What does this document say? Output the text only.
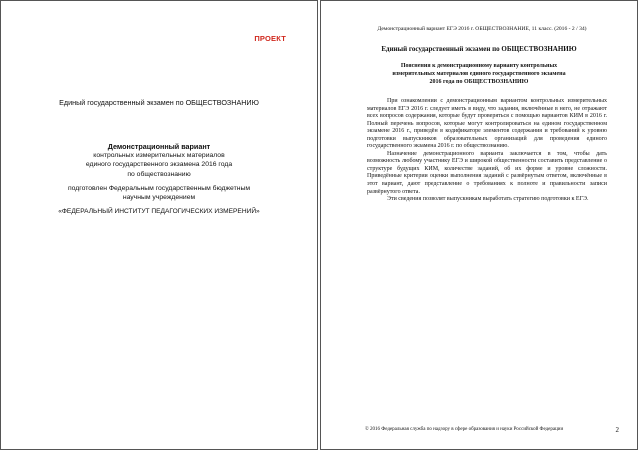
ПРОЕКТ
Единый государственный экзамен по ОБЩЕСТВОЗНАНИЮ
Демонстрационный вариант
контрольных измерительных материалов
единого государственного экзамена 2016 года
по обществознанию
подготовлен Федеральным государственным бюджетным
научным учреждением
«ФЕДЕРАЛЬНЫЙ ИНСТИТУТ ПЕДАГОГИЧЕСКИХ ИЗМЕРЕНИЙ»
Демонстрационный вариант ЕГЭ 2016 г. ОБЩЕСТВОЗНАНИЕ, 11 класс. (2016 - 2 / 34)
Единый государственный экзамен по ОБЩЕСТВОЗНАНИЮ
Пояснения к демонстрационному варианту контрольных
измерительных материалов единого государственного экзамена
2016 года по ОБЩЕСТВОЗНАНИЮ

При ознакомлении с демонстрационным вариантом контрольных измерительных материалов ЕГЭ 2016 г. следует иметь в виду, что задания, включённые в него, не отражают всех вопросов содержания, которые будут проверяться с помощью вариантов КИМ в 2016 г. Полный перечень вопросов, которые могут контролироваться на едином государственном экзамене 2016 г., приведён в кодификаторе элементов содержания и требований к уровню подготовки выпускников образовательных организаций для проведения единого государственного экзамена 2016 г. по обществознанию.

Назначение демонстрационного варианта заключается в том, чтобы дать возможность любому участнику ЕГЭ и широкой общественности составить представление о структуре будущих КИМ, количестве заданий, об их форме и уровне сложности. Приведённые критерии оценки выполнения заданий с развёрнутым ответом, включённые в этот вариант, дают представление о требованиях к полноте и правильности записи развёрнутого ответа.

Эти сведения позволят выпускникам выработать стратегию подготовки к ЕГЭ.

© 2016 Федеральная служба по надзору в сфере образования и науки Российской Федерации	2
